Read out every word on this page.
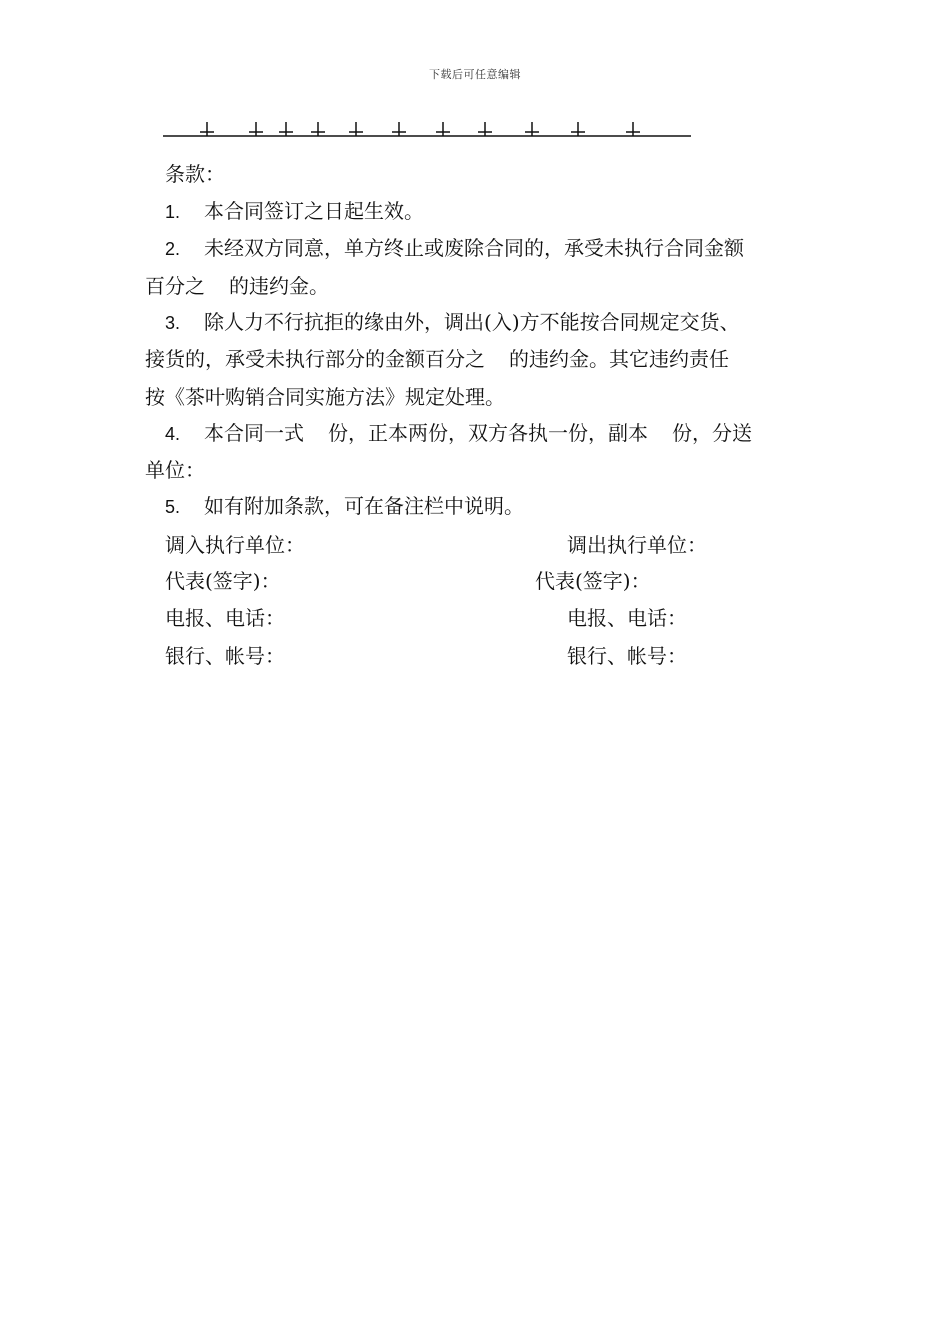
下载后可任意编辑
条款：
1. 本合同签订之日起生效。
2. 未经双方同意，单方终止或废除合同的，承受未执行合同金额
百分之 的违约金。
3. 除人力不行抗拒的缘由外，调出(入)方不能按合同规定交货、
接货的，承受未执行部分的金额百分之 的违约金。其它违约责任
按《茶叶购销合同实施方法》规定处理。
4. 本合同一式 份，正本两份，双方各执一份，副本 份，分送
单位：
5. 如有附加条款，可在备注栏中说明。
调入执行单位：	调出执行单位：
代表(签字)：	代表(签字)：
电报、电话：	电报、电话：
银行、帐号：	银行、帐号：
